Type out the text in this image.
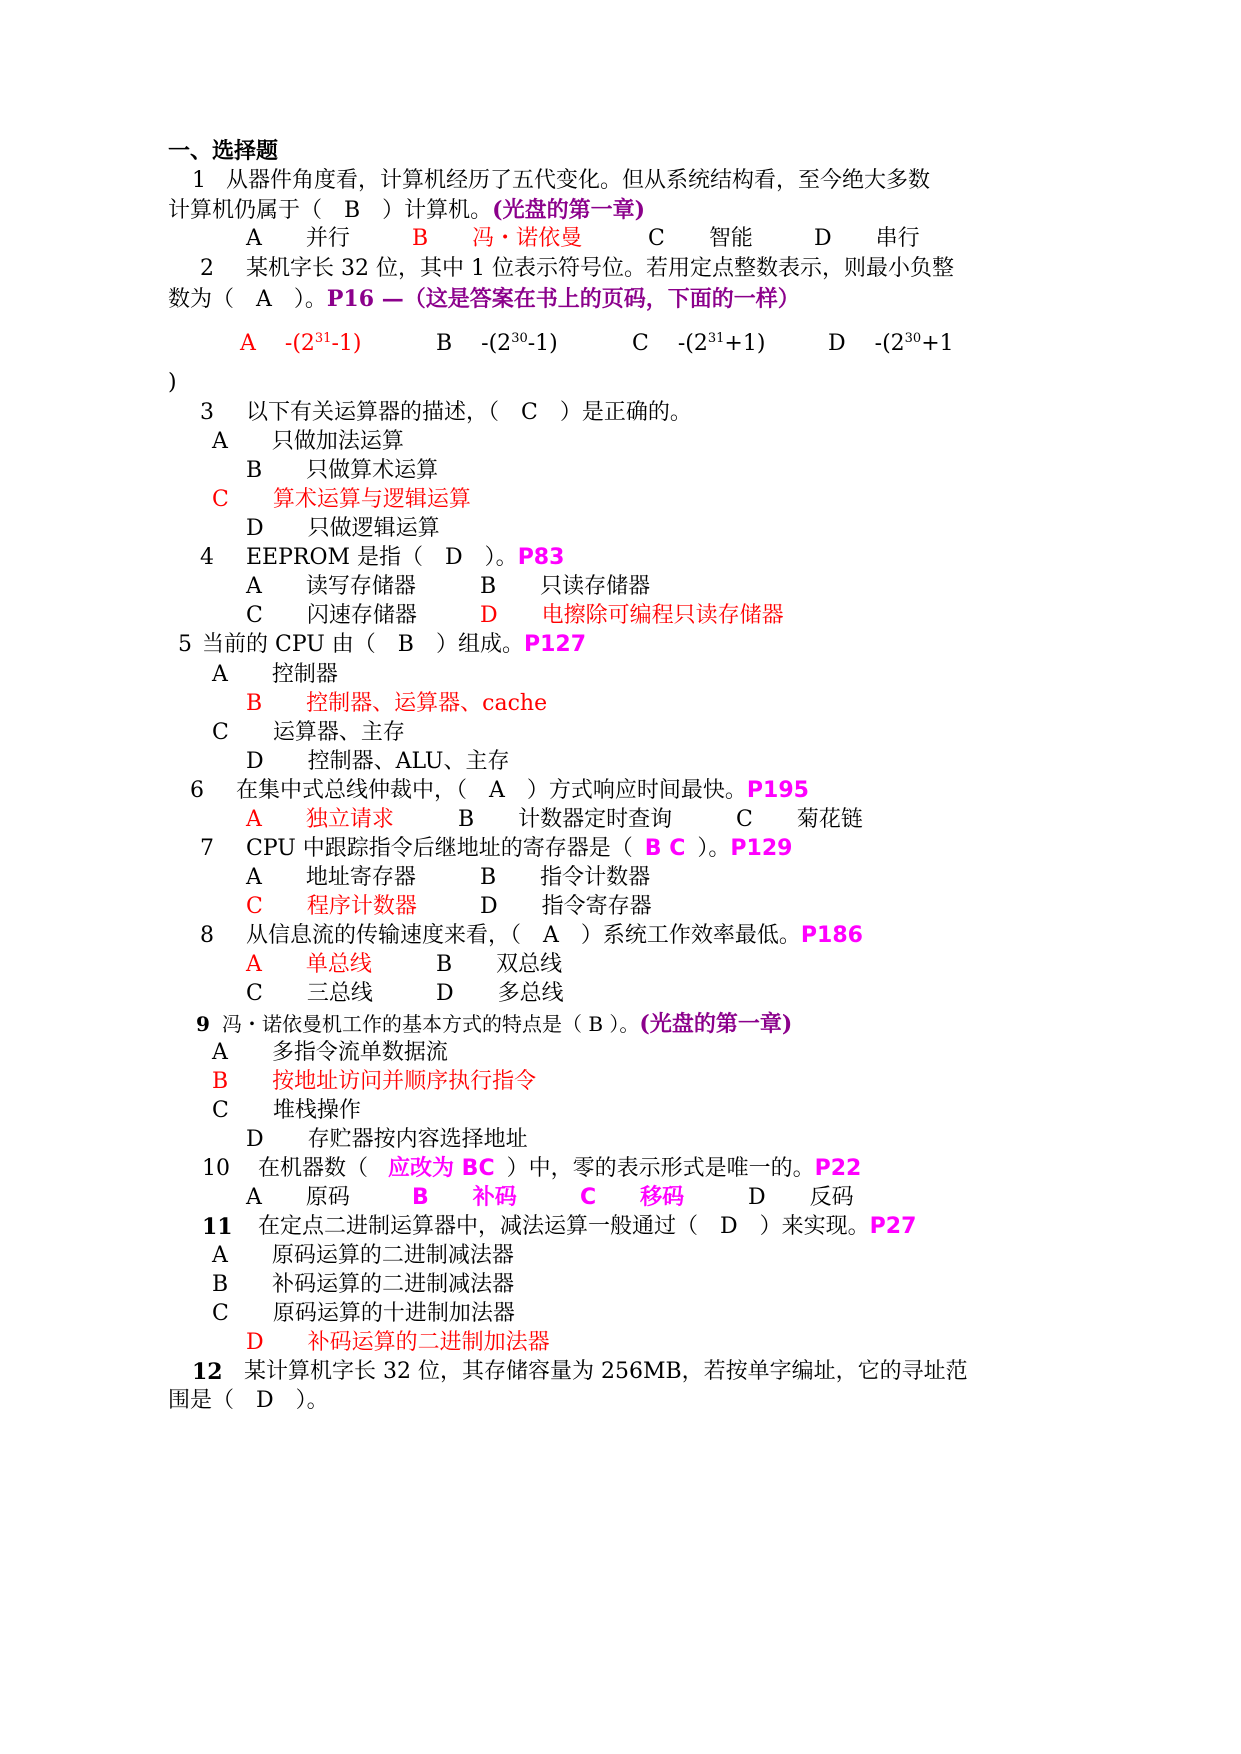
一、选择题
1 从器件角度看，计算机经历了五代变化。但从系统结构看，至今绝大多数
计算机仍属于（　B　）计算机。(光盘的第一章)
A　　并行	B　　冯・诺依曼	C　　智能	D　　串行
2 某机字长 32 位，其中 1 位表示符号位。若用定点整数表示，则最小负整
数为（　A　）。P16 —（这是答案在书上的页码，下面的一样）
A　 $-(2^{31}-1)$	B　 $-(2^{30}-1)$	C　 $-(2^{31}+1)$	D　 $-(2^{30}+1$
)
3 以下有关运算器的描述，（　C　）是正确的。
A　　只做加法运算
B　　只做算术运算
C　　算术运算与逻辑运算
D　　只做逻辑运算
4 EEPROM 是指（　D　）。P83
A　　读写存储器	B　　只读存储器
C　　闪速存储器	D　　电擦除可编程只读存储器
5 当前的 CPU 由（　B　）组成。P127
A　　控制器
B　　控制器、运算器、cache
C　　运算器、主存
D　　控制器、ALU、主存
6 在集中式总线仲裁中，（　A　）方式响应时间最快。P195
A　　独立请求	B　　计数器定时查询	C　　菊花链
7 CPU 中跟踪指令后继地址的寄存器是（ B C ）。P129
A　　地址寄存器	B　　指令计数器
C　　程序计数器	D　　指令寄存器
8 从信息流的传输速度来看，（　A　）系统工作效率最低。P186
A　　单总线	B　　双总线
C　　三总线	D　　多总线
9 冯・诺依曼机工作的基本方式的特点是（ B ）。(光盘的第一章)
A　　多指令流单数据流
B　　按地址访问并顺序执行指令
C　　堆栈操作
D　　存贮器按内容选择地址
10 在机器数（ 应改为 BC ）中，零的表示形式是唯一的。P22
A　　原码	B　　补码	C　　移码	D　　反码
11 在定点二进制运算器中，减法运算一般通过（　D　）来实现。P27
A　　原码运算的二进制减法器
B　　补码运算的二进制减法器
C　　原码运算的十进制加法器
D　　补码运算的二进制加法器
12 某计算机字长 32 位，其存储容量为 256MB，若按单字编址，它的寻址范
围是（　D　）。
